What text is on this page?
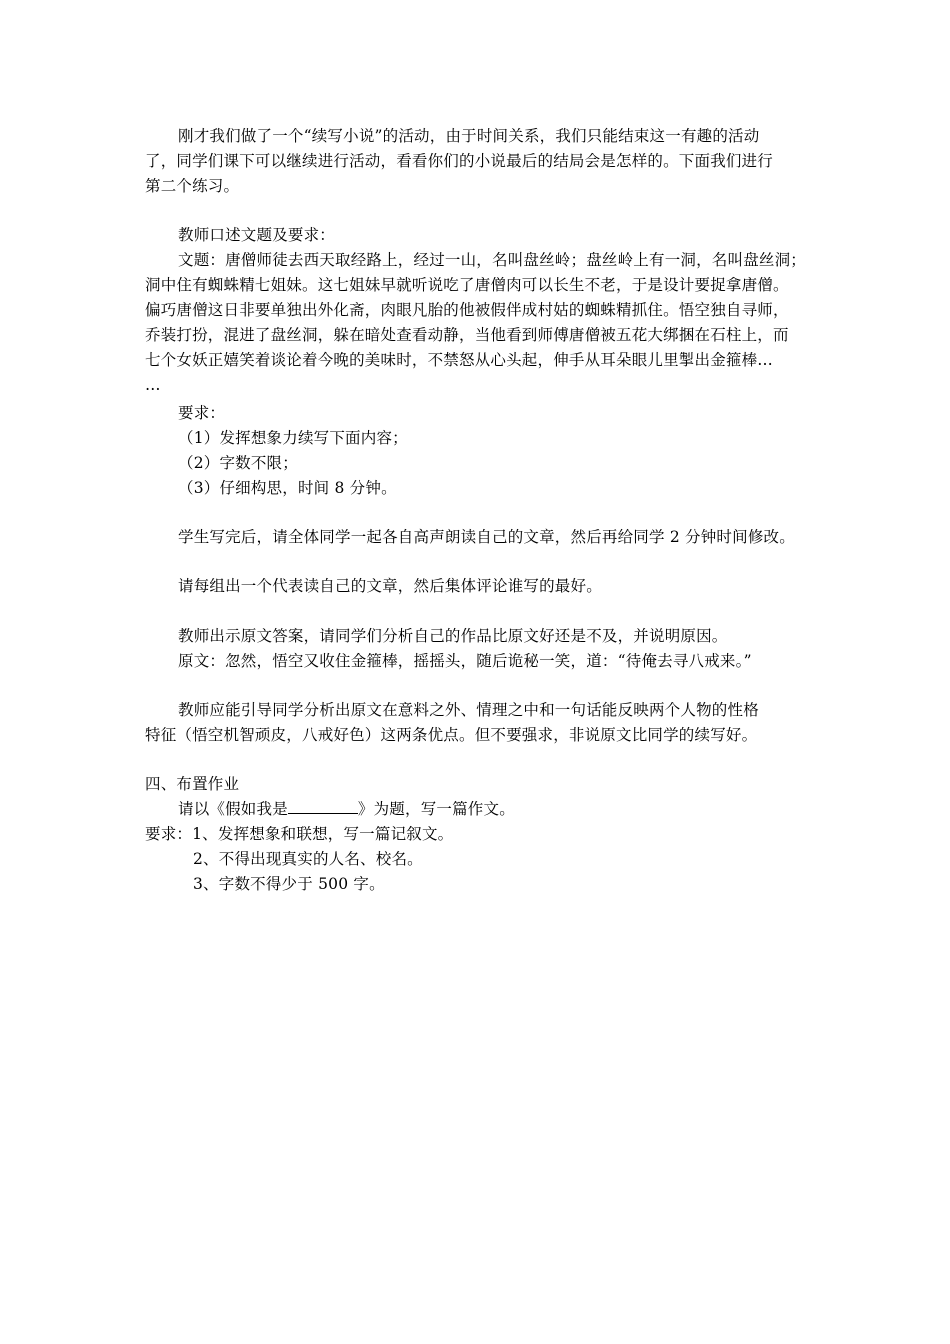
刚才我们做了一个“续写小说”的活动，由于时间关系，我们只能结束这一有趣的活动
了，同学们课下可以继续进行活动，看看你们的小说最后的结局会是怎样的。下面我们进行
第二个练习。
教师口述文题及要求：
文题：唐僧师徒去西天取经路上，经过一山，名叫盘丝岭；盘丝岭上有一洞，名叫盘丝洞；
洞中住有蜘蛛精七姐妹。这七姐妹早就听说吃了唐僧肉可以长生不老，于是设计要捉拿唐僧。
偏巧唐僧这日非要单独出外化斋，肉眼凡胎的他被假伴成村姑的蜘蛛精抓住。悟空独自寻师，
乔装打扮，混进了盘丝洞，躲在暗处查看动静，当他看到师傅唐僧被五花大绑捆在石柱上，而
七个女妖正嬉笑着谈论着今晚的美味时，不禁怒从心头起，伸手从耳朵眼儿里掣出金箍棒…
…
要求：
（1）发挥想象力续写下面内容；
（2）字数不限；
（3）仔细构思，时间 8 分钟。
学生写完后，请全体同学一起各自高声朗读自己的文章，然后再给同学 2 分钟时间修改。
请每组出一个代表读自己的文章，然后集体评论谁写的最好。
教师出示原文答案，请同学们分析自己的作品比原文好还是不及，并说明原因。
原文：忽然，悟空又收住金箍棒，摇摇头，随后诡秘一笑，道：“待俺去寻八戒来。”
教师应能引导同学分析出原文在意料之外、情理之中和一句话能反映两个人物的性格
特征（悟空机智顽皮，八戒好色）这两条优点。但不要强求，非说原文比同学的续写好。
四、布置作业
请以《假如我是	》为题，写一篇作文。
要求：1、发挥想象和联想，写一篇记叙文。
2、不得出现真实的人名、校名。
3、字数不得少于 500 字。
